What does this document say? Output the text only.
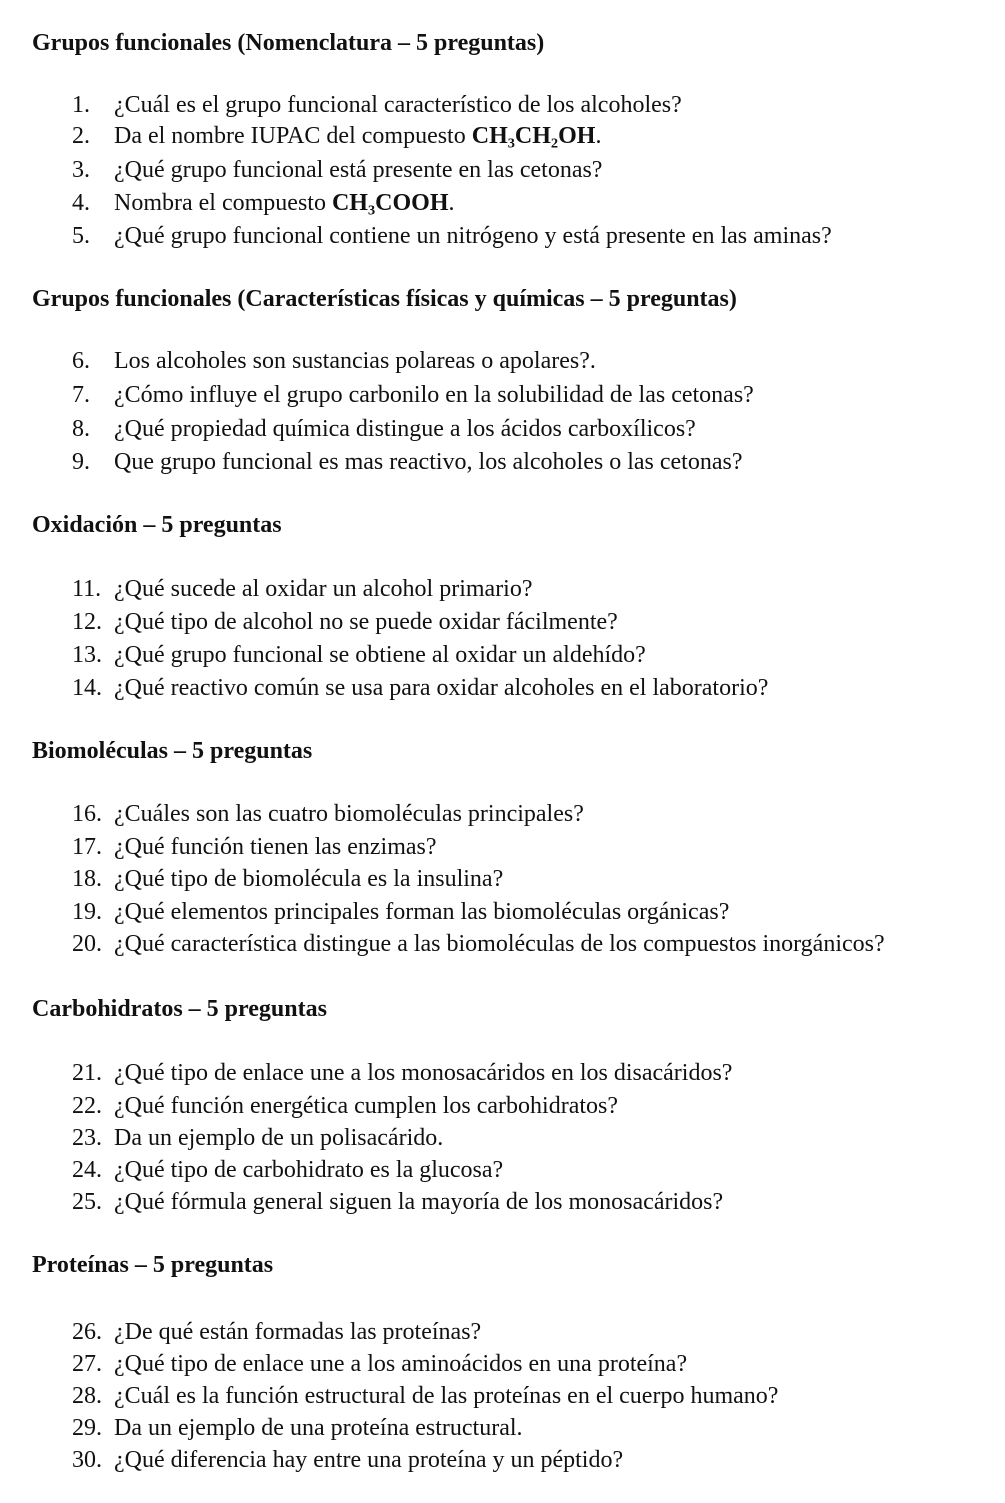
Grupos funcionales (Nomenclatura – 5 preguntas)
1. ¿Cuál es el grupo funcional característico de los alcoholes?
2. Da el nombre IUPAC del compuesto CH₃CH₂OH.
3. ¿Qué grupo funcional está presente en las cetonas?
4. Nombra el compuesto CH₃COOH.
5. ¿Qué grupo funcional contiene un nitrógeno y está presente en las aminas?
Grupos funcionales (Características físicas y químicas – 5 preguntas)
6. Los alcoholes son sustancias polareas o apolares?.
7. ¿Cómo influye el grupo carbonilo en la solubilidad de las cetonas?
8. ¿Qué propiedad química distingue a los ácidos carboxílicos?
9. Que grupo funcional es mas reactivo, los alcoholes o las cetonas?
Oxidación – 5 preguntas
11. ¿Qué sucede al oxidar un alcohol primario?
12. ¿Qué tipo de alcohol no se puede oxidar fácilmente?
13. ¿Qué grupo funcional se obtiene al oxidar un aldehído?
14. ¿Qué reactivo común se usa para oxidar alcoholes en el laboratorio?
Biomoléculas – 5 preguntas
16. ¿Cuáles son las cuatro biomoléculas principales?
17. ¿Qué función tienen las enzimas?
18. ¿Qué tipo de biomolécula es la insulina?
19. ¿Qué elementos principales forman las biomoléculas orgánicas?
20. ¿Qué característica distingue a las biomoléculas de los compuestos inorgánicos?
Carbohidratos – 5 preguntas
21. ¿Qué tipo de enlace une a los monosacáridos en los disacáridos?
22. ¿Qué función energética cumplen los carbohidratos?
23. Da un ejemplo de un polisacárido.
24. ¿Qué tipo de carbohidrato es la glucosa?
25. ¿Qué fórmula general siguen la mayoría de los monosacáridos?
Proteínas – 5 preguntas
26. ¿De qué están formadas las proteínas?
27. ¿Qué tipo de enlace une a los aminoácidos en una proteína?
28. ¿Cuál es la función estructural de las proteínas en el cuerpo humano?
29. Da un ejemplo de una proteína estructural.
30. ¿Qué diferencia hay entre una proteína y un péptido?
